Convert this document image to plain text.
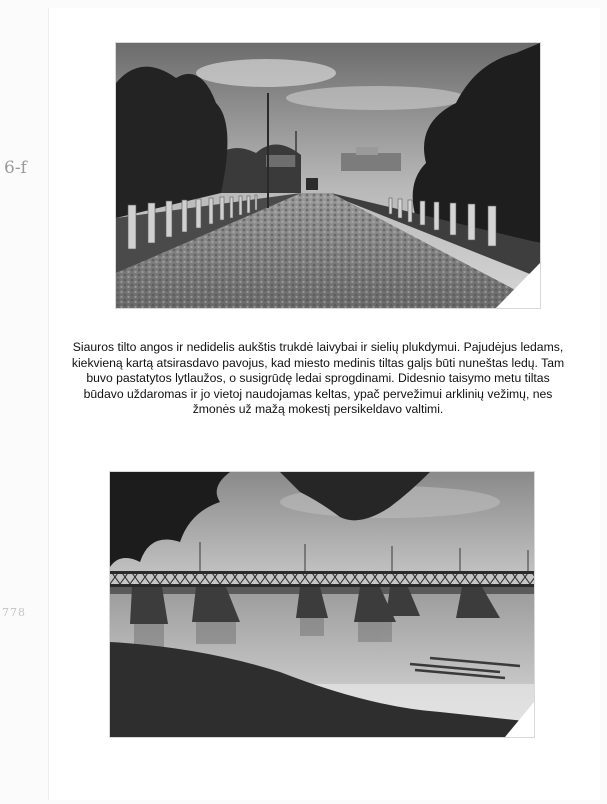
6-f
778
Siauros tilto angos ir nedidelis aukštis trukdė laivybai ir sielių plukdymui. Pajudėjus ledams,
kiekvieną kartą atsirasdavo pavojus, kad miesto medinis tiltas galįs būti nuneštas ledų. Tam
buvo pastatytos lytlaužos, o susigrūdę ledai sprogdinami. Didesnio taisymo metu tiltas
būdavo uždaromas ir jo vietoj naudojamas keltas, ypač pervežimui arklinių vežimų, nes
žmonės už mažą mokestį persikeldavo valtimi.
